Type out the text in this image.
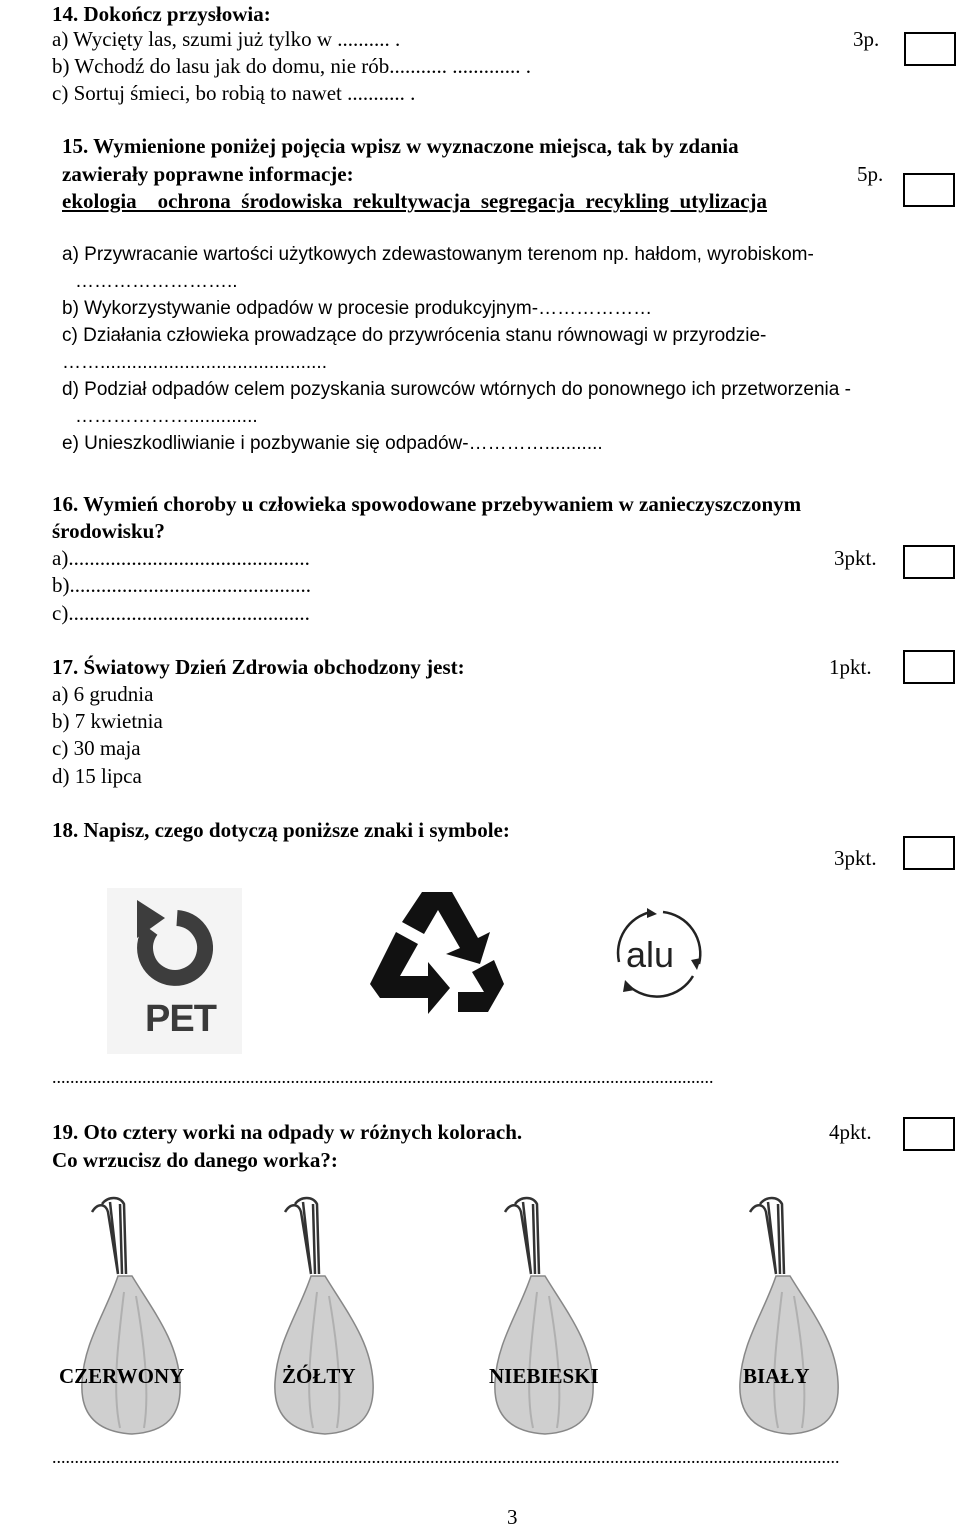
14. Dokończ przysłowia:
a) Wycięty las, szumi już tylko w .......... .
b) Wchodź do lasu jak do domu, nie rób........... ............. .
c) Sortuj śmieci, bo robią to nawet ........... .
3p.
15. Wymienione poniżej pojęcia wpisz w wyznaczone miejsca, tak by zdania
zawierały poprawne informacje:	5p.
ekologia    ochrona  środowiska  rekultywacja  segregacja  recykling  utylizacja
a) Przywracanie wartości użytkowych zdewastowanym terenom np. hałdom, wyrobiskom-
……………………..
b) Wykorzystywanie odpadów w procesie produkcyjnym-………………
c) Działania człowieka prowadzące do przywrócenia stanu równowagi w przyrodzie-
……...........................................
d) Podział odpadów celem pozyskania surowców wtórnych do ponownego ich przetworzenia -
……………….............
e) Unieszkodliwianie i pozbywanie się odpadów-…………...........
16. Wymień choroby u człowieka spowodowane przebywaniem w zanieczyszczonym
środowisku?
a)..............................................
b)..............................................
c)..............................................
3pkt.
17. Światowy Dzień Zdrowia obchodzony jest:	1pkt.
a) 6 grudnia
b) 7 kwietnia
c) 30 maja
d) 15 lipca
18. Napisz, czego dotyczą poniższe znaki i symbole:
3pkt.
PET
alu
...................................................................................................................................................
19. Oto cztery worki na odpady w różnych kolorach.
Co wrzucisz do danego worka?:
4pkt.
CZERWONY	ŻÓŁTY	NIEBIESKI	BIAŁY
...............................................................................................................................................................................
3
